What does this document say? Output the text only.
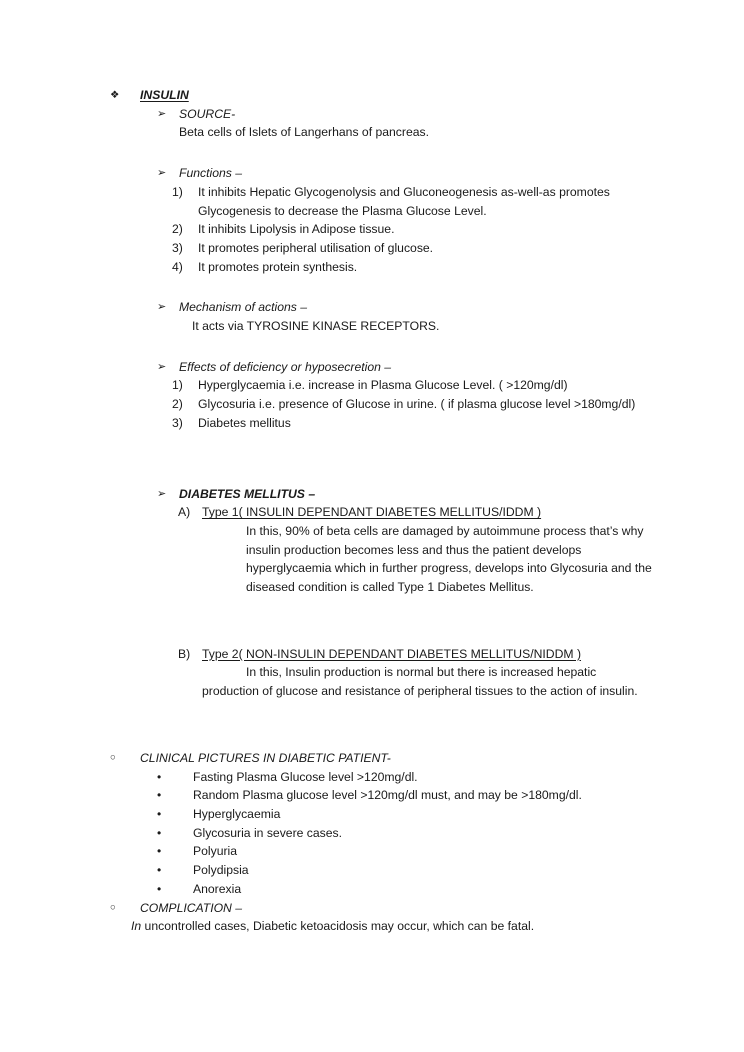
❖	INSULIN
➢	SOURCE-
Beta cells of Islets of Langerhans of pancreas.
➢	Functions –
1)	It inhibits Hepatic Glycogenolysis and Gluconeogenesis as-well-as promotes Glycogenesis to decrease the Plasma Glucose Level.
2)	It inhibits Lipolysis in Adipose tissue.
3)	It promotes peripheral utilisation of glucose.
4)	It promotes protein synthesis.
➢	Mechanism of actions –
It acts via TYROSINE KINASE RECEPTORS.
➢	Effects of deficiency or hyposecretion –
1)	Hyperglycaemia i.e. increase in Plasma Glucose Level. ( >120mg/dl)
2)	Glycosuria i.e. presence of Glucose in urine. ( if plasma glucose level >180mg/dl)
3)	Diabetes mellitus
➢	DIABETES MELLITUS –
A) Type 1( INSULIN DEPENDANT DIABETES MELLITUS/IDDM )
In this, 90% of beta cells are damaged by autoimmune process that’s why insulin production becomes less and thus the patient develops hyperglycaemia which in further progress, develops into Glycosuria and the diseased condition is called Type 1 Diabetes Mellitus.
B) Type 2( NON-INSULIN DEPENDANT DIABETES MELLITUS/NIDDM )
In this, Insulin production is normal but there is increased hepatic production of glucose and resistance of peripheral tissues to the action of insulin.
○	CLINICAL PICTURES IN DIABETIC PATIENT-
•	Fasting Plasma Glucose level >120mg/dl.
•	Random Plasma glucose level >120mg/dl must, and may be >180mg/dl.
•	Hyperglycaemia
•	Glycosuria in severe cases.
•	Polyuria
•	Polydipsia
•	Anorexia
○	COMPLICATION –
In uncontrolled cases, Diabetic ketoacidosis may occur, which can be fatal.
